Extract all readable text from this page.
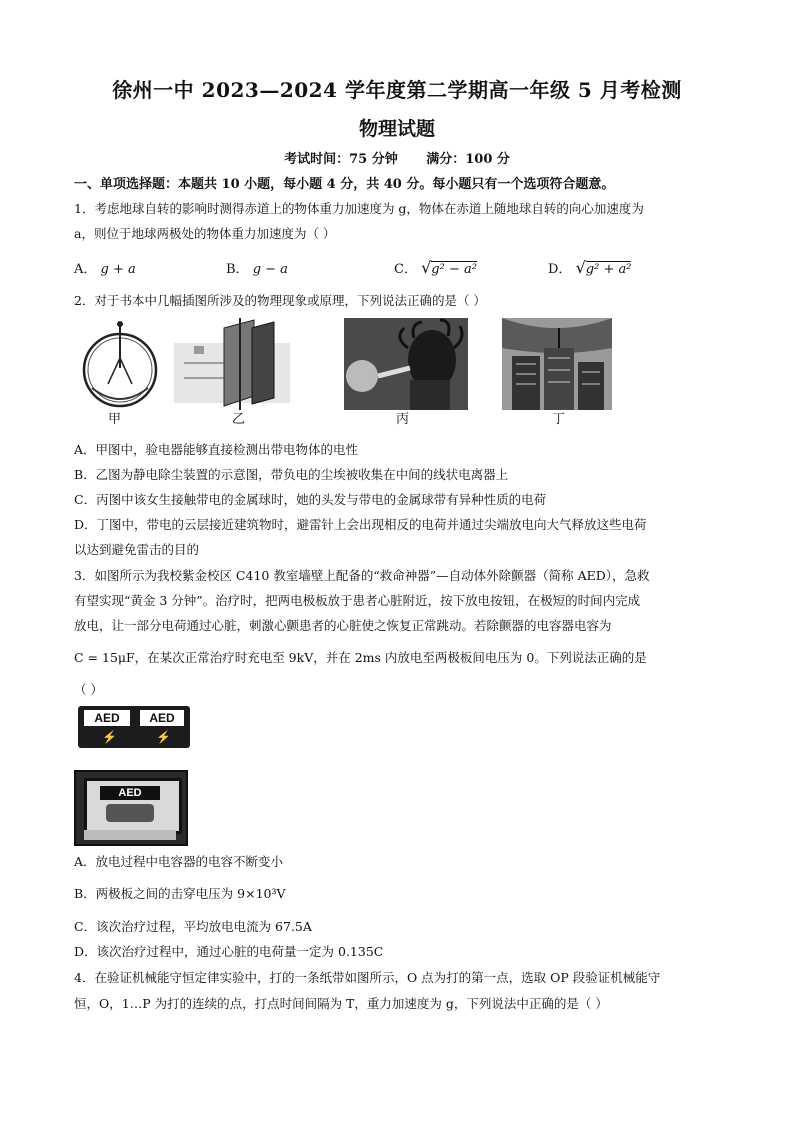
徐州一中 2023—2024 学年度第二学期高一年级 5 月考检测
物理试题
考试时间：75 分钟 满分：100 分
一、单项选择题：本题共 10 小题，每小题 4 分，共 40 分。每小题只有一个选项符合题意。
1．考虑地球自转的影响时测得赤道上的物体重力加速度为 g，物体在赤道上随地球自转的向心加速度为
a，则位于地球两极处的物体重力加速度为（ ）
A． g + a	B． g − a	C． √g² − a²	D． √g² + a²
2．对于书本中几幅插图所涉及的物理现象或原理，下列说法正确的是（ ）
甲	乙	丙	丁
A．甲图中，验电器能够直接检测出带电物体的电性
B．乙图为静电除尘装置的示意图，带负电的尘埃被收集在中间的线状电离器上
C．丙图中该女生接触带电的金属球时，她的头发与带电的金属球带有异种性质的电荷
D．丁图中，带电的云层接近建筑物时，避雷针上会出现相反的电荷并通过尖端放电向大气释放这些电荷
以达到避免雷击的目的
3．如图所示为我校紫金校区 C410 教室墙壁上配备的“救命神器”—自动体外除颤器（简称 AED），急救
有望实现“黄金 3 分钟”。治疗时，把两电极板放于患者心脏附近，按下放电按钮，在极短的时间内完成
放电，让一部分电荷通过心脏，刺激心颤患者的心脏使之恢复正常跳动。若除颤器的电容器电容为
C = 15μF，在某次正常治疗时充电至 9kV，并在 2ms 内放电至两极板间电压为 0。下列说法正确的是
（ ）
AED	AED
⚡	⚡
AED
A．放电过程中电容器的电容不断变小
B．两极板之间的击穿电压为 9×10³V
C．该次治疗过程，平均放电电流为 67.5A
D．该次治疗过程中，通过心脏的电荷量一定为 0.135C
4．在验证机械能守恒定律实验中，打的一条纸带如图所示，O 点为打的第一点，选取 OP 段验证机械能守
恒，O，1…P 为打的连续的点，打点时间间隔为 T，重力加速度为 g，下列说法中正确的是（ ）
